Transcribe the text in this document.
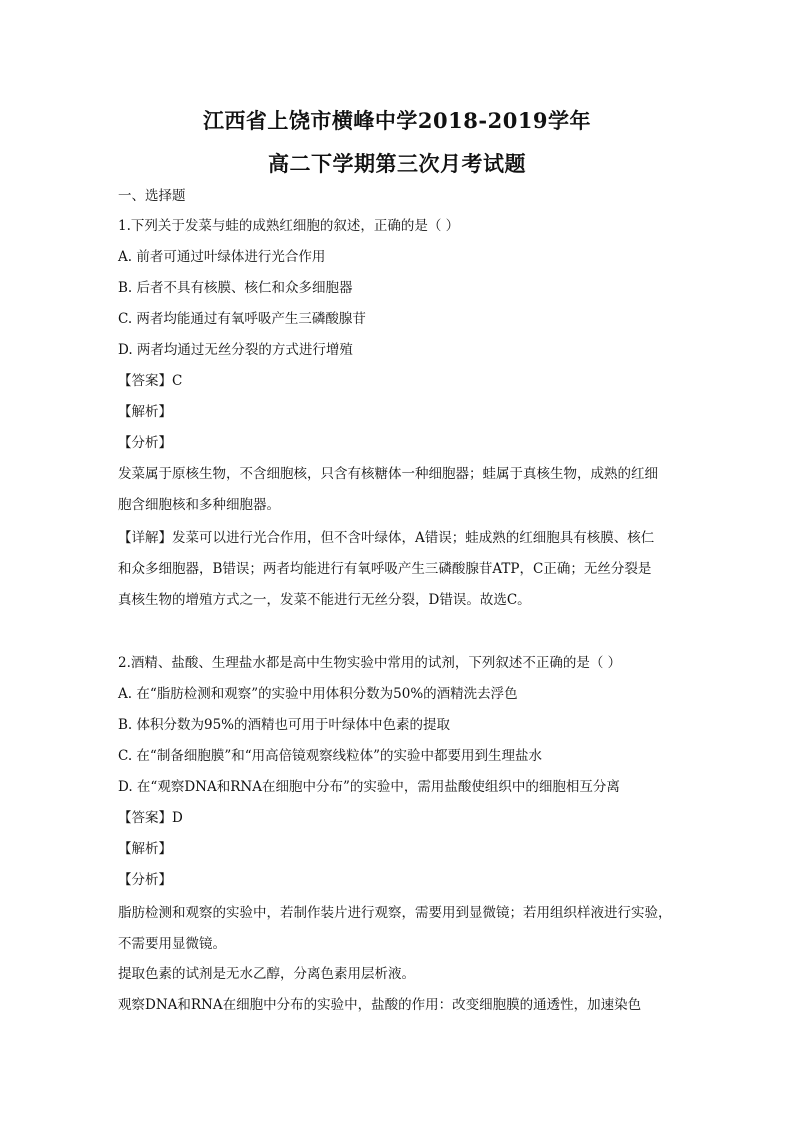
江西省上饶市横峰中学2018-2019学年
高二下学期第三次月考试题
一、选择题
1.下列关于发菜与蛙的成熟红细胞的叙述，正确的是（ ）
A. 前者可通过叶绿体进行光合作用
B. 后者不具有核膜、核仁和众多细胞器
C. 两者均能通过有氧呼吸产生三磷酸腺苷
D. 两者均通过无丝分裂的方式进行增殖
【答案】C
【解析】
【分析】
发菜属于原核生物，不含细胞核，只含有核糖体一种细胞器；蛙属于真核生物，成熟的红细
胞含细胞核和多种细胞器。
【详解】发菜可以进行光合作用，但不含叶绿体，A错误；蛙成熟的红细胞具有核膜、核仁
和众多细胞器，B错误；两者均能进行有氧呼吸产生三磷酸腺苷ATP，C正确；无丝分裂是
真核生物的增殖方式之一，发菜不能进行无丝分裂，D错误。故选C。
2.酒精、盐酸、生理盐水都是高中生物实验中常用的试剂，下列叙述不正确的是（ ）
A. 在“脂肪检测和观察”的实验中用体积分数为50%的酒精洗去浮色
B. 体积分数为95%的酒精也可用于叶绿体中色素的提取
C. 在“制备细胞膜”和“用高倍镜观察线粒体”的实验中都要用到生理盐水
D. 在“观察DNA和RNA在细胞中分布”的实验中，需用盐酸使组织中的细胞相互分离
【答案】D
【解析】
【分析】
脂肪检测和观察的实验中，若制作装片进行观察，需要用到显微镜；若用组织样液进行实验，
不需要用显微镜。
提取色素的试剂是无水乙醇，分离色素用层析液。
观察DNA和RNA在细胞中分布的实验中，盐酸的作用：改变细胞膜的通透性，加速染色
